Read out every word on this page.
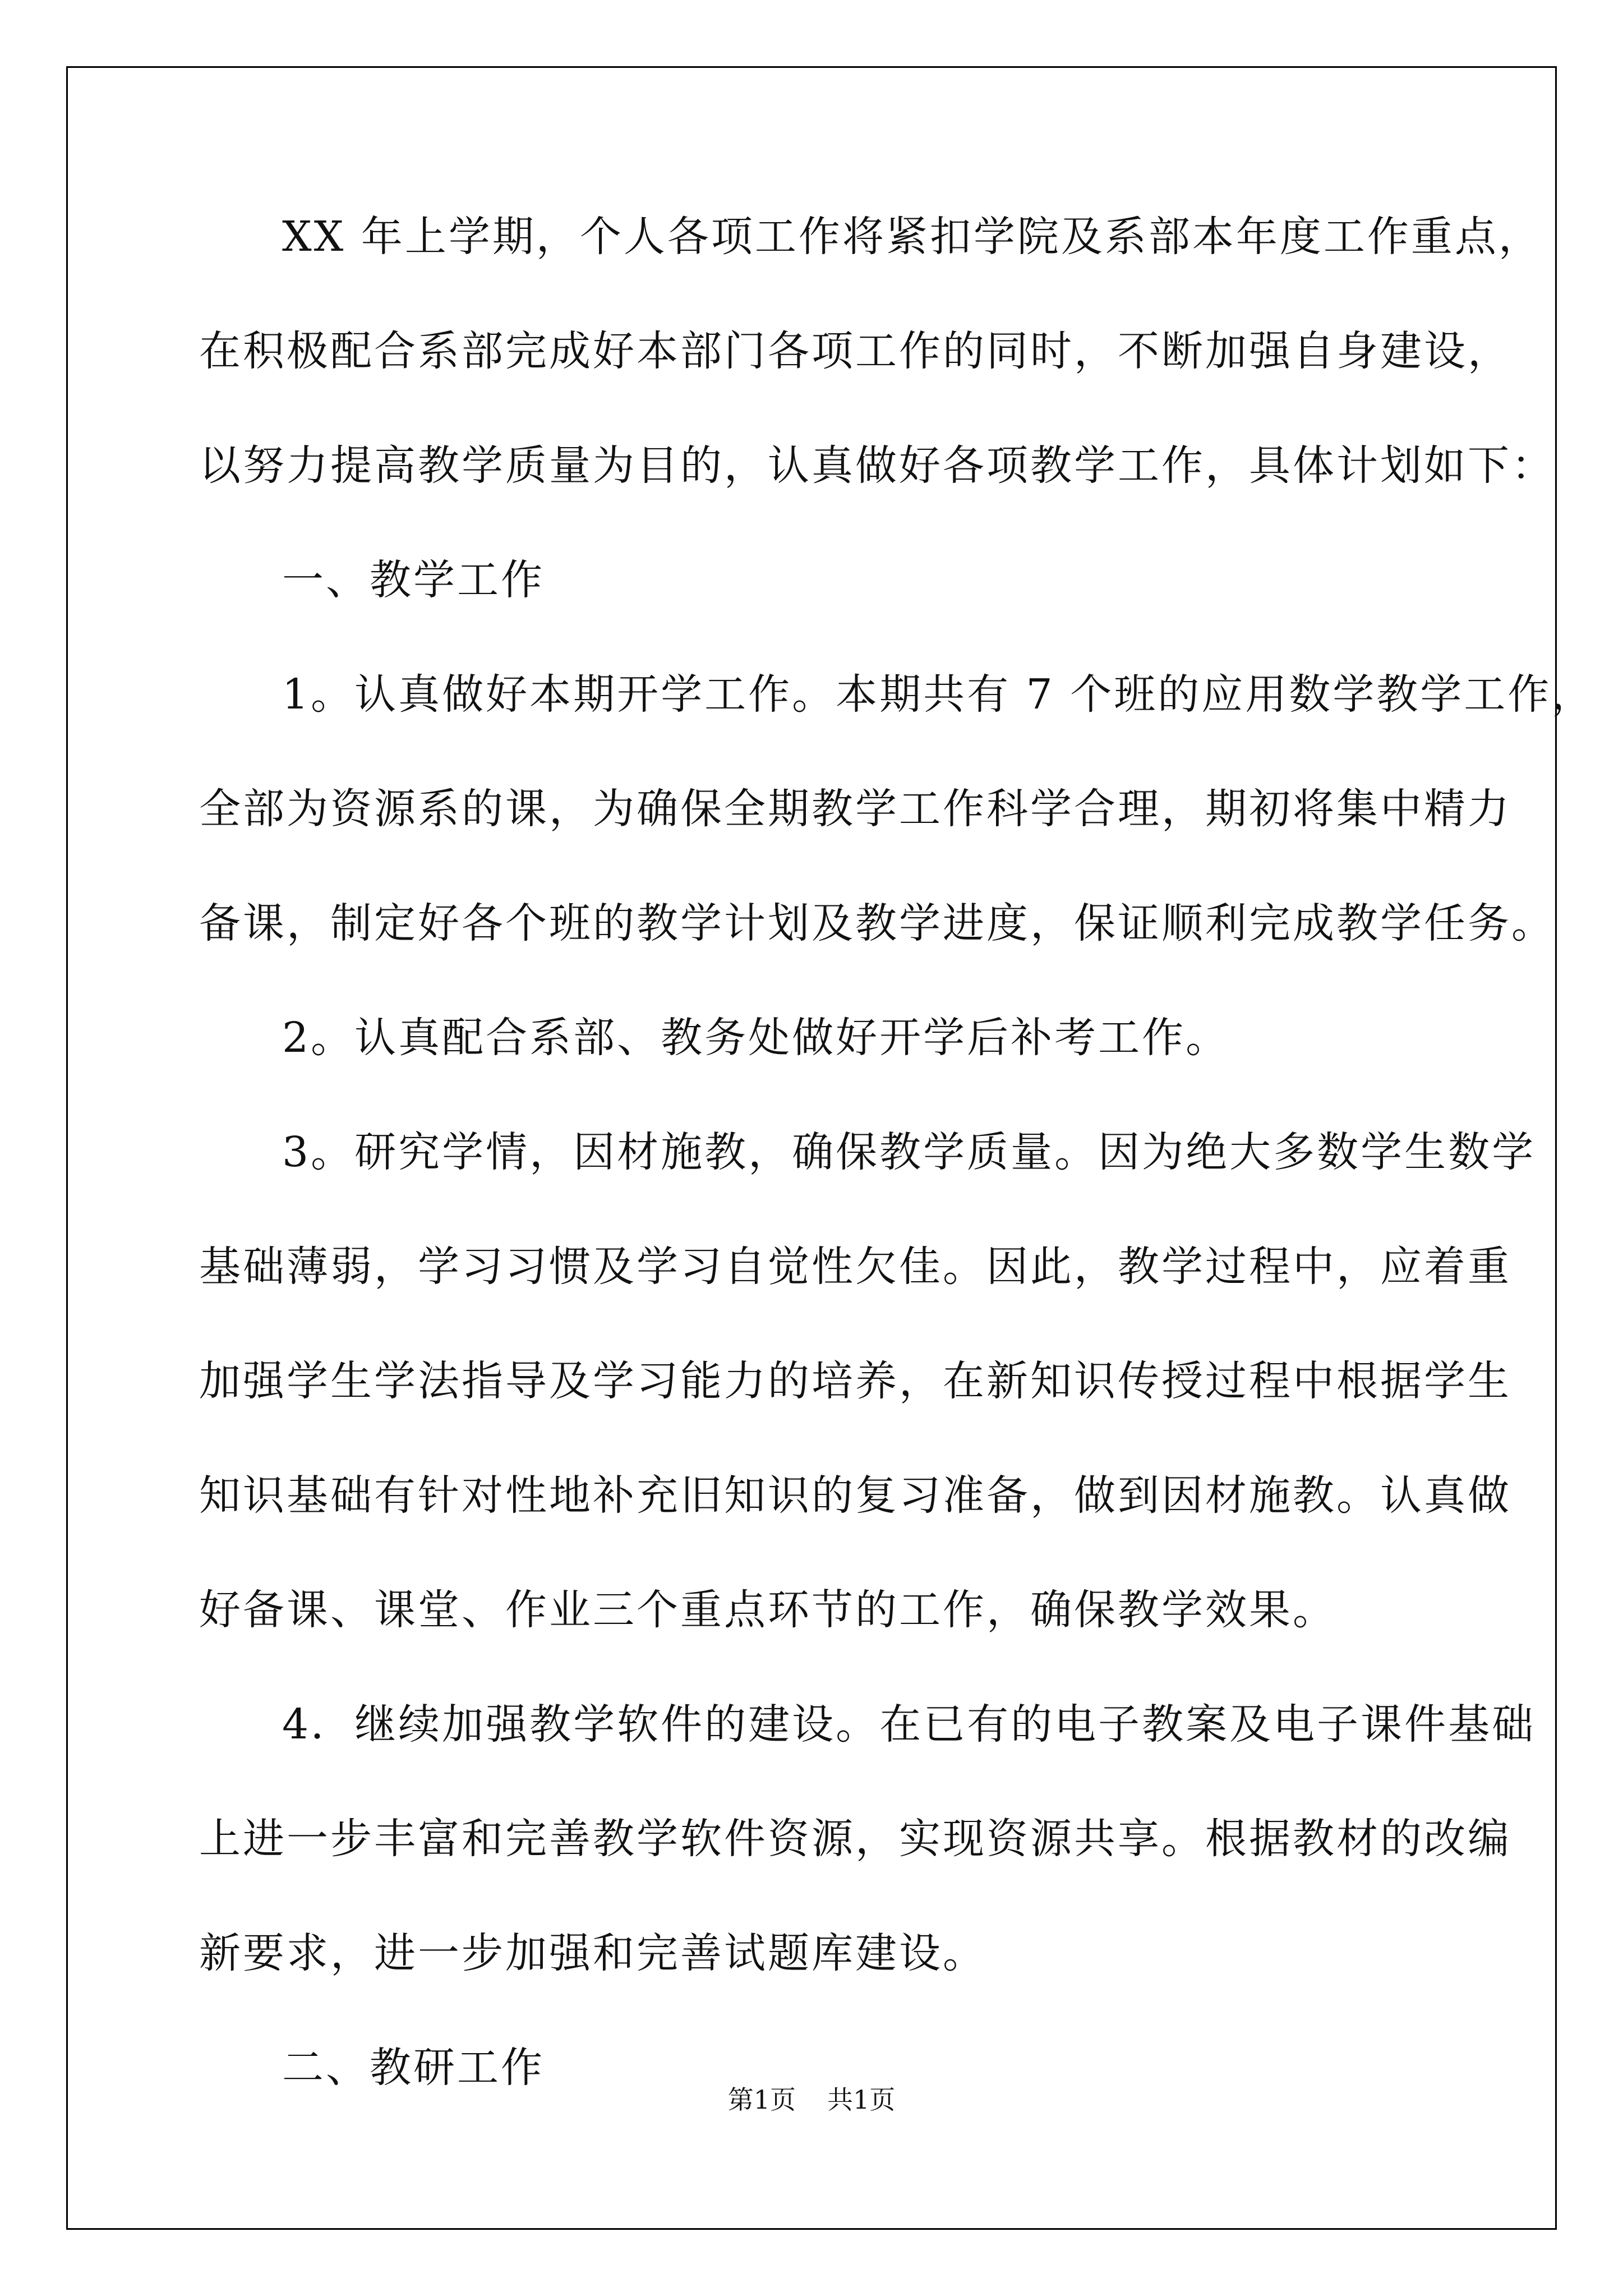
XX 年上学期，个人各项工作将紧扣学院及系部本年度工作重点，
在积极配合系部完成好本部门各项工作的同时，不断加强自身建设，
以努力提高教学质量为目的，认真做好各项教学工作，具体计划如下：
一、教学工作
1。认真做好本期开学工作。本期共有 7 个班的应用数学教学工作，
全部为资源系的课，为确保全期教学工作科学合理，期初将集中精力
备课，制定好各个班的教学计划及教学进度，保证顺利完成教学任务。
2。认真配合系部、教务处做好开学后补考工作。
3。研究学情，因材施教，确保教学质量。因为绝大多数学生数学
基础薄弱，学习习惯及学习自觉性欠佳。因此，教学过程中，应着重
加强学生学法指导及学习能力的培养，在新知识传授过程中根据学生
知识基础有针对性地补充旧知识的复习准备，做到因材施教。认真做
好备课、课堂、作业三个重点环节的工作，确保教学效果。
4．继续加强教学软件的建设。在已有的电子教案及电子课件基础
上进一步丰富和完善教学软件资源，实现资源共享。根据教材的改编
新要求，进一步加强和完善试题库建设。
二、教研工作
第1页 共1页
